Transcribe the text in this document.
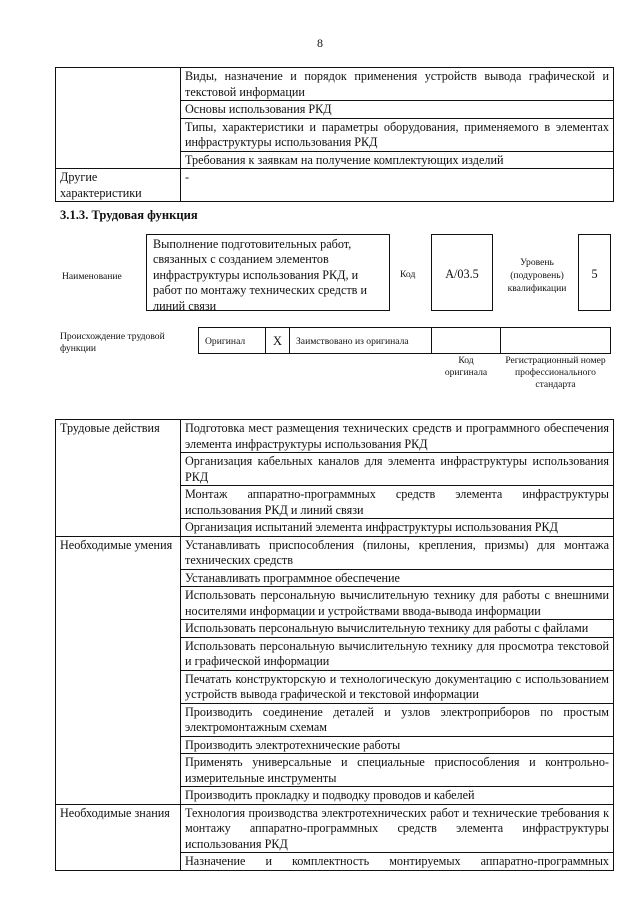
8
	Виды, назначение и порядок применения устройств вывода графической и текстовой информации
	Основы использования РКД
	Типы, характеристики и параметры оборудования, применяемого в элементах инфраструктуры использования РКД
	Требования к заявкам на получение комплектующих изделий
Другие характеристики	-
3.1.3. Трудовая функция
Наименование
Выполнение подготовительных работ, связанных с созданием элементов инфраструктуры использования РКД, и работ по монтажу технических средств и линий связи
Код	А/03.5
Уровень (подуровень) квалификации
5
Происхождение трудовой функции
Оригинал	X	Заимствовано из оригинала
Код оригинала
Регистрационный номер профессионального стандарта
Трудовые действия	Подготовка мест размещения технических средств и программного обеспечения элемента инфраструктуры использования РКД
	Организация кабельных каналов для элемента инфраструктуры использования РКД
	Монтаж аппаратно-программных средств элемента инфраструктуры использования РКД и линий связи
	Организация испытаний элемента инфраструктуры использования РКД
Необходимые умения	Устанавливать приспособления (пилоны, крепления, призмы) для монтажа технических средств
	Устанавливать программное обеспечение
	Использовать персональную вычислительную технику для работы с внешними носителями информации и устройствами ввода-вывода информации
	Использовать персональную вычислительную технику для работы с файлами
	Использовать персональную вычислительную технику для просмотра текстовой и графической информации
	Печатать конструкторскую и технологическую документацию с использованием устройств вывода графической и текстовой информации
	Производить соединение деталей и узлов электроприборов по простым электромонтажным схемам
	Производить электротехнические работы
	Применять универсальные и специальные приспособления и контрольно-измерительные инструменты
	Производить прокладку и подводку проводов и кабелей
Необходимые знания	Технология производства электротехнических работ и технические требования к монтажу аппаратно-программных средств элемента инфраструктуры использования РКД
	Назначение и комплектность монтируемых аппаратно-программных
